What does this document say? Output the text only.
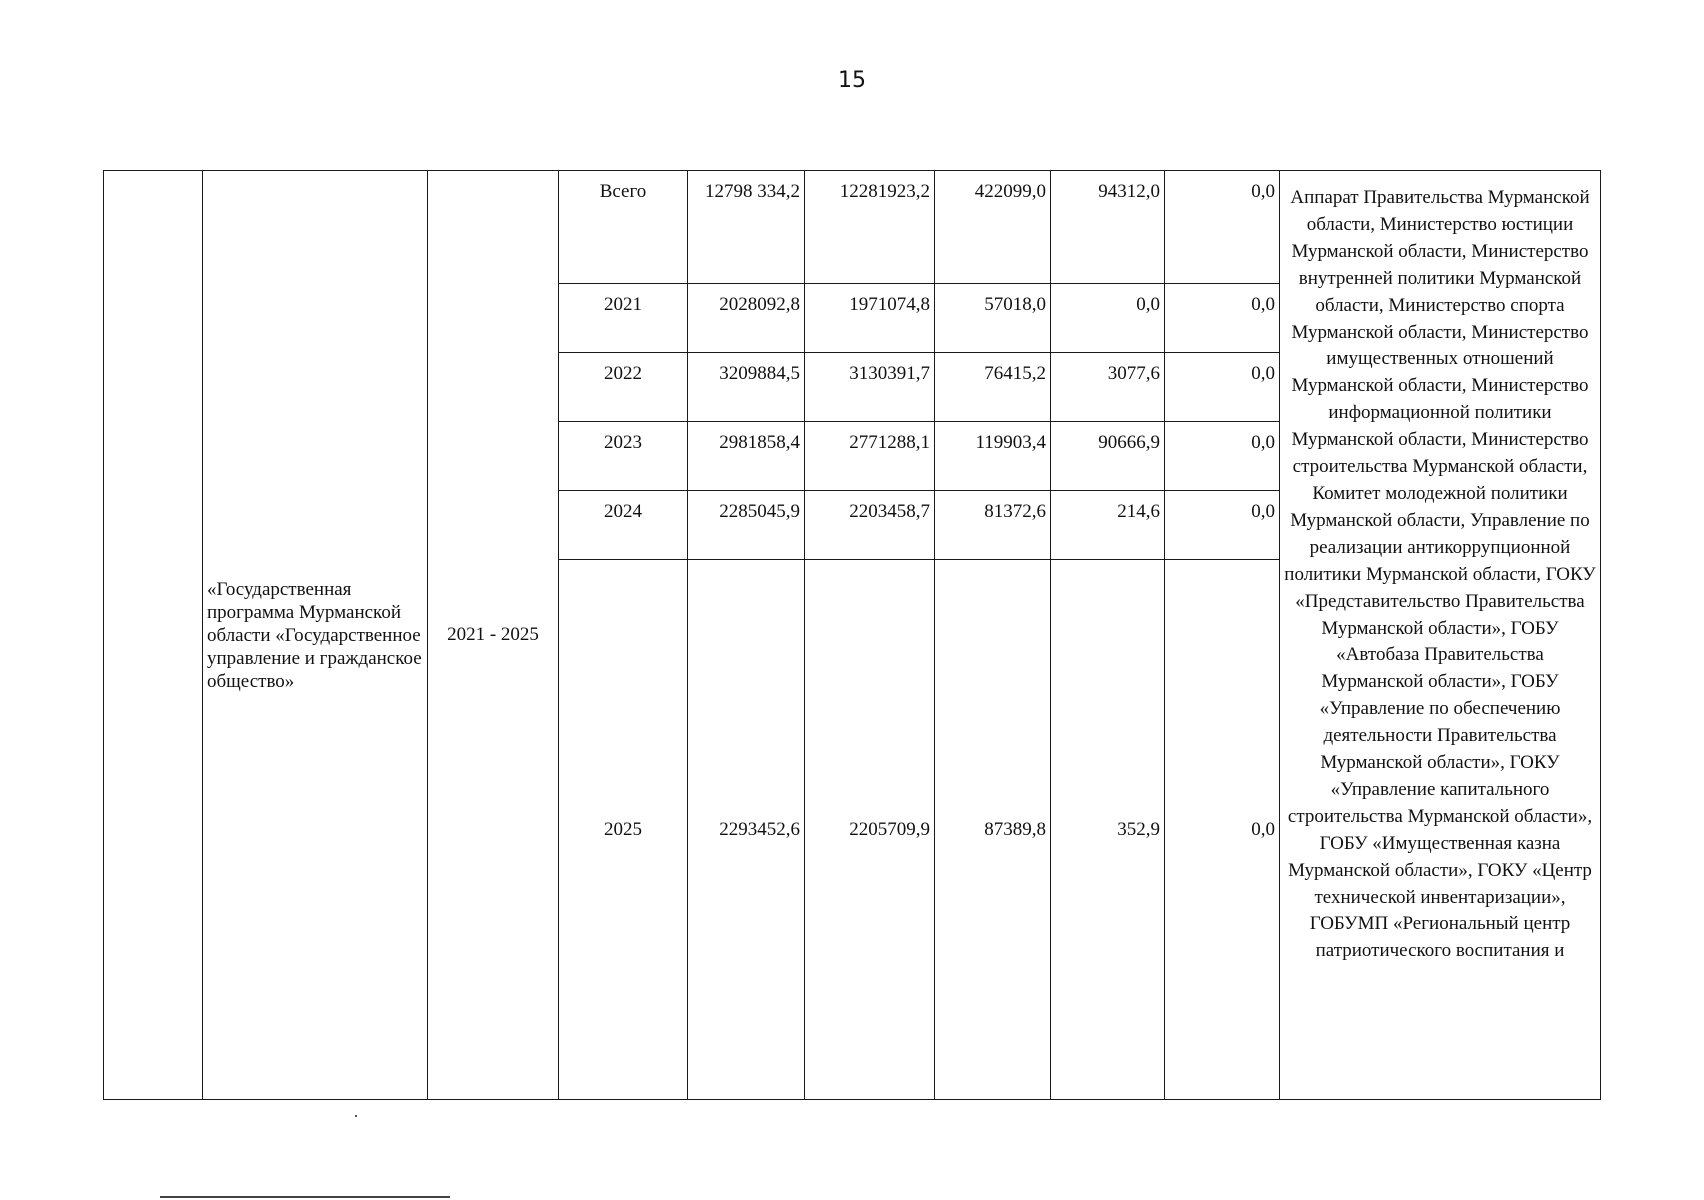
15
	«Государственная программа Мурманской области «Государственное управление и гражданское общество»	2021 - 2025	Всего	12798 334,2	12281923,2	422099,0	94312,0	0,0	Аппарат Правительства Мурманской области, Министерство юстиции Мурманской области, Министерство внутренней политики Мурманской области, Министерство спорта Мурманской области, Министерство имущественных отношений Мурманской области, Министерство информационной политики Мурманской области, Министерство строительства Мурманской области, Комитет молодежной политики Мурманской области, Управление по реализации антикоррупционной политики Мурманской области, ГОКУ «Представительство Правительства Мурманской области», ГОБУ «Автобаза Правительства Мурманской области», ГОБУ «Управление по обеспечению деятельности Правительства Мурманской области», ГОКУ «Управление капитального строительства Мурманской области», ГОБУ «Имущественная казна Мурманской области», ГОКУ «Центр технической инвентаризации», ГОБУМП «Региональный центр патриотического воспитания и
			2021	2028092,8	1971074,8	57018,0	0,0	0,0	
			2022	3209884,5	3130391,7	76415,2	3077,6	0,0	
			2023	2981858,4	2771288,1	119903,4	90666,9	0,0	
			2024	2285045,9	2203458,7	81372,6	214,6	0,0	
			2025	2293452,6	2205709,9	87389,8	352,9	0,0	
